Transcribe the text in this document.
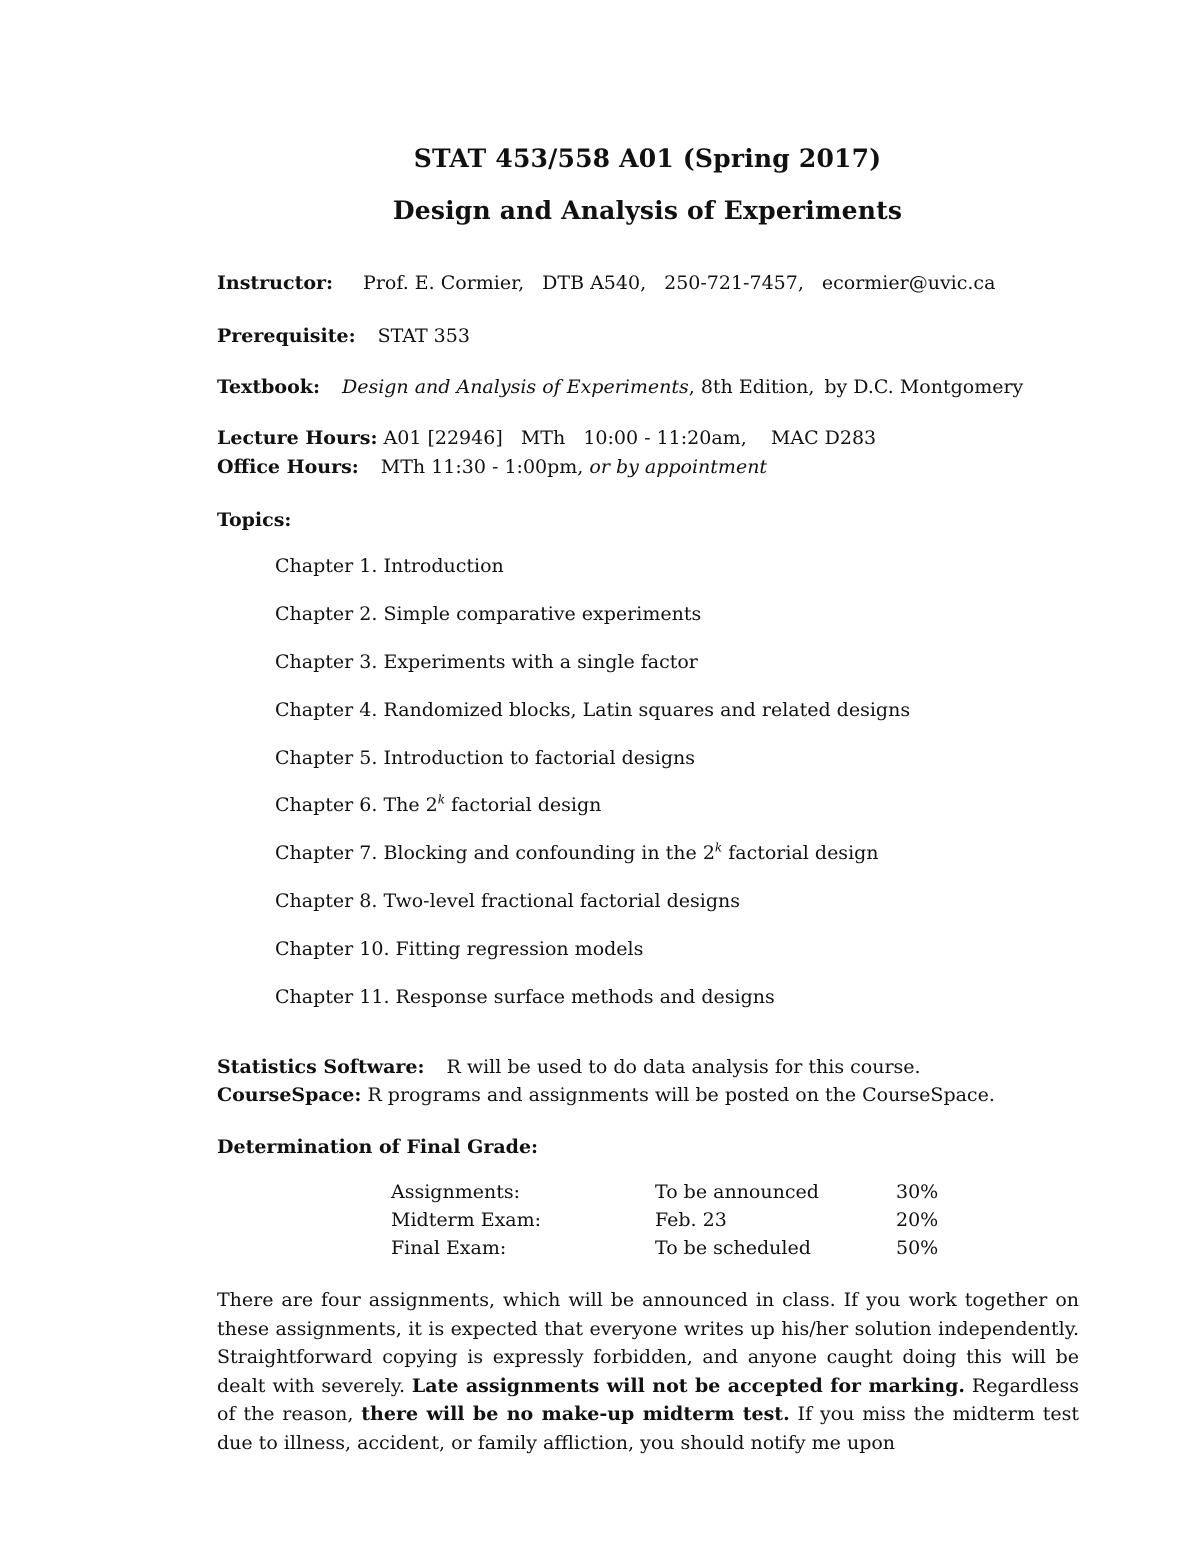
STAT 453/558 A01 (Spring 2017)
Design and Analysis of Experiments
Instructor: Prof. E. Cormier, DTB A540, 250-721-7457, ecormier@uvic.ca
Prerequisite: STAT 353
Textbook: Design and Analysis of Experiments, 8th Edition, by D.C. Montgomery
Lecture Hours: A01 [22946]   MTh   10:00 - 11:20am,    MAC D283
Office Hours: MTh 11:30 - 1:00pm, or by appointment
Topics:
Chapter 1. Introduction
Chapter 2. Simple comparative experiments
Chapter 3. Experiments with a single factor
Chapter 4. Randomized blocks, Latin squares and related designs
Chapter 5. Introduction to factorial designs
Chapter 6. The 2$^k$ factorial design
Chapter 7. Blocking and confounding in the 2$^k$ factorial design
Chapter 8. Two-level fractional factorial designs
Chapter 10. Fitting regression models
Chapter 11. Response surface methods and designs
Statistics Software: R will be used to do data analysis for this course.
CourseSpace: R programs and assignments will be posted on the CourseSpace.
Determination of Final Grade:
Assignments:	To be announced	30%
Midterm Exam:	Feb. 23	20%
Final Exam:	To be scheduled	50%
There are four assignments, which will be announced in class. If you work together on these assignments, it is expected that everyone writes up his/her solution independently. Straightforward copying is expressly forbidden, and anyone caught doing this will be dealt with severely. Late assignments will not be accepted for marking. Regardless of the reason, there will be no make-up midterm test. If you miss the midterm test due to illness, accident, or family affliction, you should notify me upon
